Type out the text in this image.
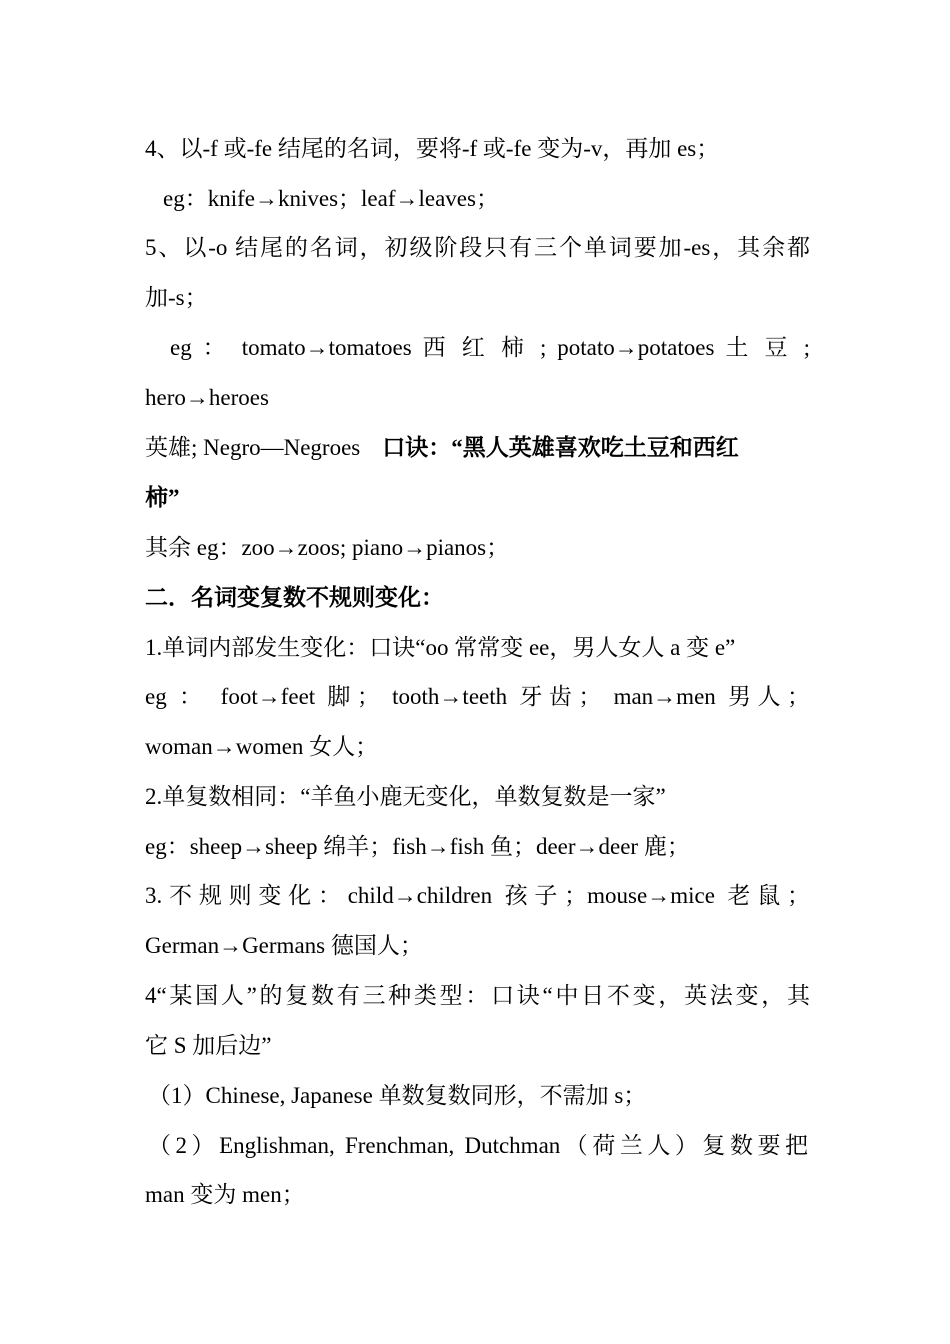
4、以-f 或-fe 结尾的名词，要将-f 或-fe 变为-v，再加 es；
eg：knife→knives；leaf→leaves；
5、以-o 结尾的名词，初级阶段只有三个单词要加-es，其余都
加-s；
eg ： tomato→tomatoes 西 红 柿 ; potato→potatoes 土 豆 ;
hero→heroes
英雄; Negro—Negroes 口诀：“黑人英雄喜欢吃土豆和西红
柿”
其余 eg：zoo→zoos; piano→pianos；
二．名词变复数不规则变化：
1.单词内部发生变化：口诀“oo 常常变 ee，男人女人 a 变 e”
eg ： foot→feet 脚； tooth→teeth 牙齿； man→men 男人；
woman→women 女人；
2.单复数相同：“羊鱼小鹿无变化，单数复数是一家”
eg：sheep→sheep 绵羊；fish→fish 鱼；deer→deer 鹿；
3.不规则变化：child→children 孩子；mouse→mice 老鼠；
German→Germans 德国人；
4“某国人”的复数有三种类型：口诀“中日不变，英法变，其
它 S 加后边”
（1）Chinese, Japanese 单数复数同形，不需加 s；
（2）Englishman, Frenchman, Dutchman（荷兰人）复数要把
man 变为 men；
